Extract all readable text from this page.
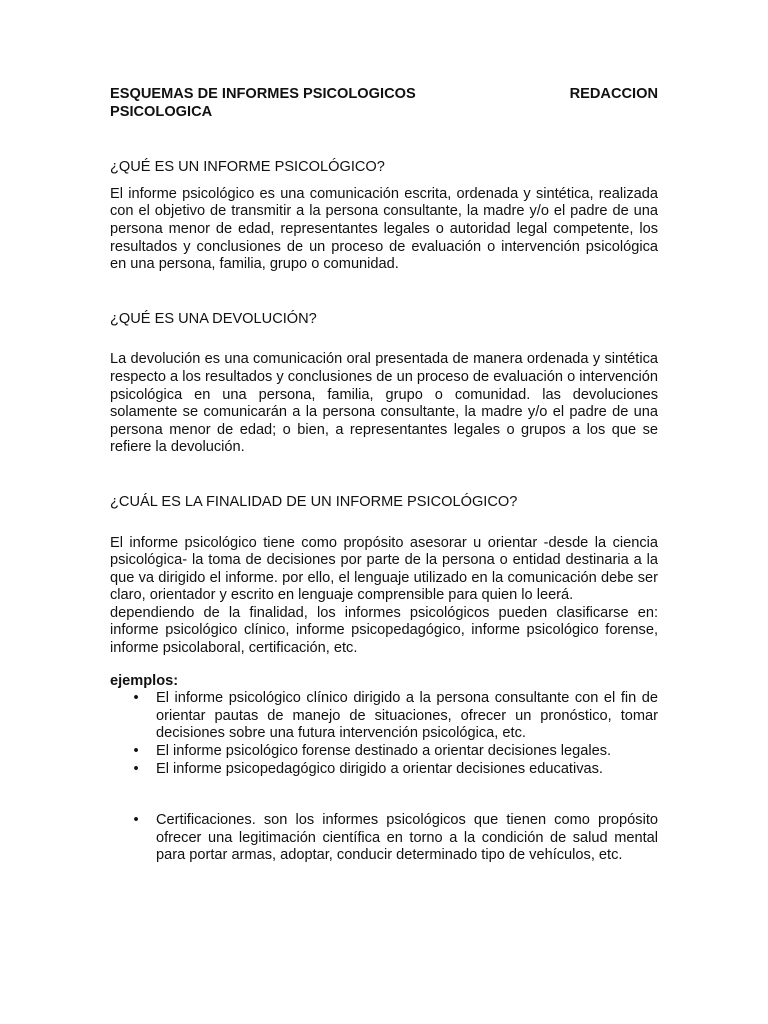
ESQUEMAS DE INFORMES PSICOLOGICOS	REDACCION
PSICOLOGICA
¿QUÉ ES UN INFORME PSICOLÓGICO?

El informe psicológico es una comunicación escrita, ordenada y sintética, realizada con el objetivo de transmitir a la persona consultante, la madre y/o el padre de una persona menor de edad, representantes legales o autoridad legal competente, los resultados y conclusiones de un proceso de evaluación o intervención psicológica en una persona, familia, grupo o comunidad.

¿QUÉ ES UNA DEVOLUCIÓN?

La devolución es una comunicación oral presentada de manera ordenada y sintética respecto a los resultados y conclusiones de un proceso de evaluación o intervención psicológica en una persona, familia, grupo o comunidad. las devoluciones solamente se comunicarán a la persona consultante, la madre y/o el padre de una persona menor de edad; o bien, a representantes legales o grupos a los que se refiere la devolución.

¿CUÁL ES LA FINALIDAD DE UN INFORME PSICOLÓGICO?

El informe psicológico tiene como propósito asesorar u orientar -desde la ciencia psicológica- la toma de decisiones por parte de la persona o entidad destinaria a la que va dirigido el informe. por ello, el lenguaje utilizado en la comunicación debe ser claro, orientador y escrito en lenguaje comprensible para quien lo leerá.

dependiendo de la finalidad, los informes psicológicos pueden clasificarse en: informe psicológico clínico, informe psicopedagógico, informe psicológico forense, informe psicolaboral, certificación, etc.

ejemplos:

• El informe psicológico clínico dirigido a la persona consultante con el fin de orientar pautas de manejo de situaciones, ofrecer un pronóstico, tomar decisiones sobre una futura intervención psicológica, etc.
• El informe psicológico forense destinado a orientar decisiones legales.
• El informe psicopedagógico dirigido a orientar decisiones educativas.
• Certificaciones. son los informes psicológicos que tienen como propósito ofrecer una legitimación científica en torno a la condición de salud mental para portar armas, adoptar, conducir determinado tipo de vehículos, etc.
